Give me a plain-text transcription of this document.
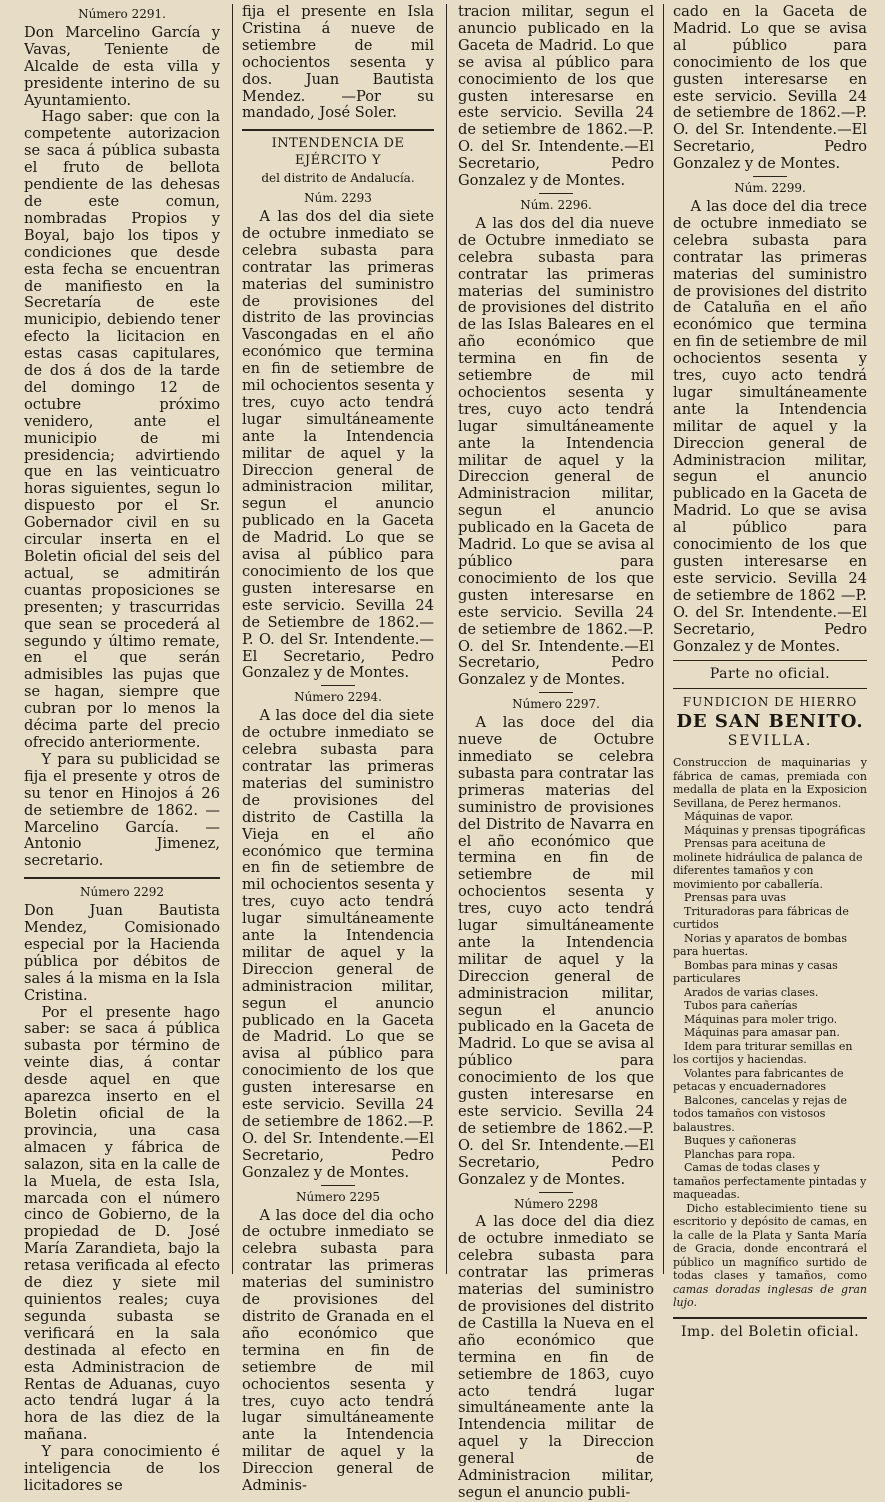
Número 2291.

Don Marcelino García y Vavas, Teniente de Alcalde de esta villa y presidente interino de su Ayuntamiento.

Hago saber: que con la competente autorizacion se saca á pública subasta el fruto de bellota pendiente de las dehesas de este comun, nombradas Propios y Boyal, bajo los tipos y condiciones que desde esta fecha se encuentran de manifiesto en la Secretaría de este municipio, debiendo tener efecto la licitacion en estas casas capitulares, de dos á dos de la tarde del domingo 12 de octubre próximo venidero, ante el municipio de mi presidencia; advirtiendo que en las veinticuatro horas siguientes, segun lo dispuesto por el Sr. Gobernador civil en su circular inserta en el Boletin oficial del seis del actual, se admitirán cuantas proposiciones se presenten; y trascurridas que sean se procederá al segundo y último remate, en el que serán admisibles las pujas que se hagan, siempre que cubran por lo menos la décima parte del precio ofrecido anteriormente.

Y para su publicidad se fija el presente y otros de su tenor en Hinojos á 26 de setiembre de 1862. —Marcelino García. —Antonio Jimenez, secretario.

Número 2292

Don Juan Bautista Mendez, Comisionado especial por la Hacienda pública por débitos de sales á la misma en la Isla Cristina.

Por el presente hago saber: se saca á pública subasta por término de veinte dias, á contar desde aquel en que aparezca inserto en el Boletin oficial de la provincia, una casa almacen y fábrica de salazon, sita en la calle de la Muela, de esta Isla, marcada con el número cinco de Gobierno, de la propiedad de D. José María Zarandieta, bajo la retasa verificada al efecto de diez y siete mil quinientos reales; cuya segunda subasta se verificará en la sala destinada al efecto en esta Administracion de Rentas de Aduanas, cuyo acto tendrá lugar á la hora de las diez de la mañana.

Y para conocimiento é inteligencia de los licitadores se

fija el presente en Isla Cristina á nueve de setiembre de mil ochocientos sesenta y dos. Juan Bautista Mendez. —Por su mandado, José Soler.

INTENDENCIA DE EJÉRCITO Y
del distrito de Andalucía.
Núm. 2293

A las dos del dia siete de octubre inmediato se celebra subasta para contratar las primeras materias del suministro de provisiones del distrito de las provincias Vascongadas en el año económico que termina en fin de setiembre de mil ochocientos sesenta y tres, cuyo acto tendrá lugar simultáneamente ante la Intendencia militar de aquel y la Direccion general de administracion militar, segun el anuncio publicado en la Gaceta de Madrid. Lo que se avisa al público para conocimiento de los que gusten interesarse en este servicio. Sevilla 24 de Setiembre de 1862.—P. O. del Sr. Intendente.—El Secretario, Pedro Gonzalez y de Montes.

Número 2294.

A las doce del dia siete de octubre inmediato se celebra subasta para contratar las primeras materias del suministro de provisiones del distrito de Castilla la Vieja en el año económico que termina en fin de setiembre de mil ochocientos sesenta y tres, cuyo acto tendrá lugar simultáneamente ante la Intendencia militar de aquel y la Direccion general de administracion militar, segun el anuncio publicado en la Gaceta de Madrid. Lo que se avisa al público para conocimiento de los que gusten interesarse en este servicio. Sevilla 24 de setiembre de 1862.—P. O. del Sr. Intendente.—El Secretario, Pedro Gonzalez y de Montes.

Número 2295

A las doce del dia ocho de octubre inmediato se celebra subasta para contratar las primeras materias del suministro de provisiones del distrito de Granada en el año económico que termina en fin de setiembre de mil ochocientos sesenta y tres, cuyo acto tendrá lugar simultáneamente ante la Intendencia militar de aquel y la Direccion general de Adminis-

tracion militar, segun el anuncio publicado en la Gaceta de Madrid. Lo que se avisa al público para conocimiento de los que gusten interesarse en este servicio. Sevilla 24 de setiembre de 1862.—P. O. del Sr. Intendente.—El Secretario, Pedro Gonzalez y de Montes.

Núm. 2296.

A las dos del dia nueve de Octubre inmediato se celebra subasta para contratar las primeras materias del suministro de provisiones del distrito de las Islas Baleares en el año económico que termina en fin de setiembre de mil ochocientos sesenta y tres, cuyo acto tendrá lugar simultáneamente ante la Intendencia militar de aquel y la Direccion general de Administracion militar, segun el anuncio publicado en la Gaceta de Madrid. Lo que se avisa al público para conocimiento de los que gusten interesarse en este servicio. Sevilla 24 de setiembre de 1862.—P. O. del Sr. Intendente.—El Secretario, Pedro Gonzalez y de Montes.

Número 2297.

A las doce del dia nueve de Octubre inmediato se celebra subasta para contratar las primeras materias del suministro de provisiones del Distrito de Navarra en el año económico que termina en fin de setiembre de mil ochocientos sesenta y tres, cuyo acto tendrá lugar simultáneamente ante la Intendencia militar de aquel y la Direccion general de administracion militar, segun el anuncio publicado en la Gaceta de Madrid. Lo que se avisa al público para conocimiento de los que gusten interesarse en este servicio. Sevilla 24 de setiembre de 1862.—P. O. del Sr. Intendente.—El Secretario, Pedro Gonzalez y de Montes.

Número 2298

A las doce del dia diez de octubre inmediato se celebra subasta para contratar las primeras materias del suministro de provisiones del distrito de Castilla la Nueva en el año económico que termina en fin de setiembre de 1863, cuyo acto tendrá lugar simultáneamente ante la Intendencia militar de aquel y la Direccion general de Administracion militar, segun el anuncio publi-

cado en la Gaceta de Madrid. Lo que se avisa al público para conocimiento de los que gusten interesarse en este servicio. Sevilla 24 de setiembre de 1862.—P. O. del Sr. Intendente.—El Secretario, Pedro Gonzalez y de Montes.

Núm. 2299.

A las doce del dia trece de octubre inmediato se celebra subasta para contratar las primeras materias del suministro de provisiones del distrito de Cataluña en el año económico que termina en fin de setiembre de mil ochocientos sesenta y tres, cuyo acto tendrá lugar simultáneamente ante la Intendencia militar de aquel y la Direccion general de Administracion militar, segun el anuncio publicado en la Gaceta de Madrid. Lo que se avisa al público para conocimiento de los que gusten interesarse en este servicio. Sevilla 24 de setiembre de 1862 —P. O. del Sr. Intendente.—El Secretario, Pedro Gonzalez y de Montes.

Parte no oficial.
FUNDICION DE HIERRO
DE SAN BENITO.
SEVILLA.

Construccion de maquinarias y fábrica de camas, premiada con medalla de plata en la Exposicion Sevillana, de Perez hermanos.

Máquinas de vapor.
Máquinas y prensas tipográficas
Prensas para aceituna de molinete hidráulica de palanca de diferentes tamaños y con movimiento por caballería.
Prensas para uvas
Trituradoras para fábricas de curtidos
Norias y aparatos de bombas para huertas.
Bombas para minas y casas particulares
Arados de varias clases.
Tubos para cañerías
Máquinas para moler trigo.
Máquinas para amasar pan.
Idem para triturar semillas en los cortijos y haciendas.
Volantes para fabricantes de petacas y encuadernadores
Balcones, cancelas y rejas de todos tamaños con vistosos balaustres.
Buques y cañoneras
Planchas para ropa.
Camas de todas clases y tamaños perfectamente pintadas y maqueadas.

Dicho establecimiento tiene su escritorio y depósito de camas, en la calle de la Plata y Santa María de Gracia, donde encontrará el público un magnífico surtido de todas clases y tamaños, como camas doradas inglesas de gran lujo.

Imp. del Boletin oficial.
